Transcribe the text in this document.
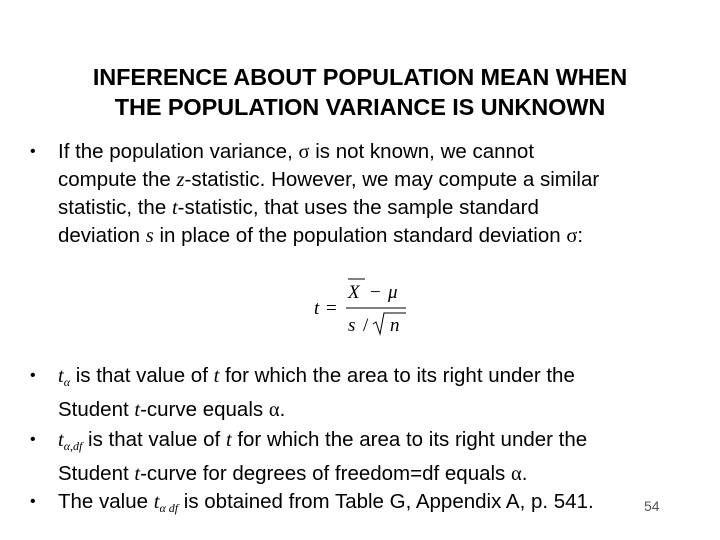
INFERENCE ABOUT POPULATION MEAN WHEN
THE POPULATION VARIANCE IS UNKNOWN
•	If the population variance, σ is not known, we cannot
compute the z-statistic. However, we may compute a similar
statistic, the t-statistic, that uses the sample standard
deviation s in place of the population standard deviation σ:
t =
X − μ
s / n
•	$t_\alpha$ is that value of t for which the area to its right under the
Student t-curve equals α.
•	$t_{\alpha,df}$ is that value of t for which the area to its right under the
Student t-curve for degrees of freedom=df equals α.
•	The value $t_{\alpha df}$ is obtained from Table G, Appendix A, p. 541.	54
